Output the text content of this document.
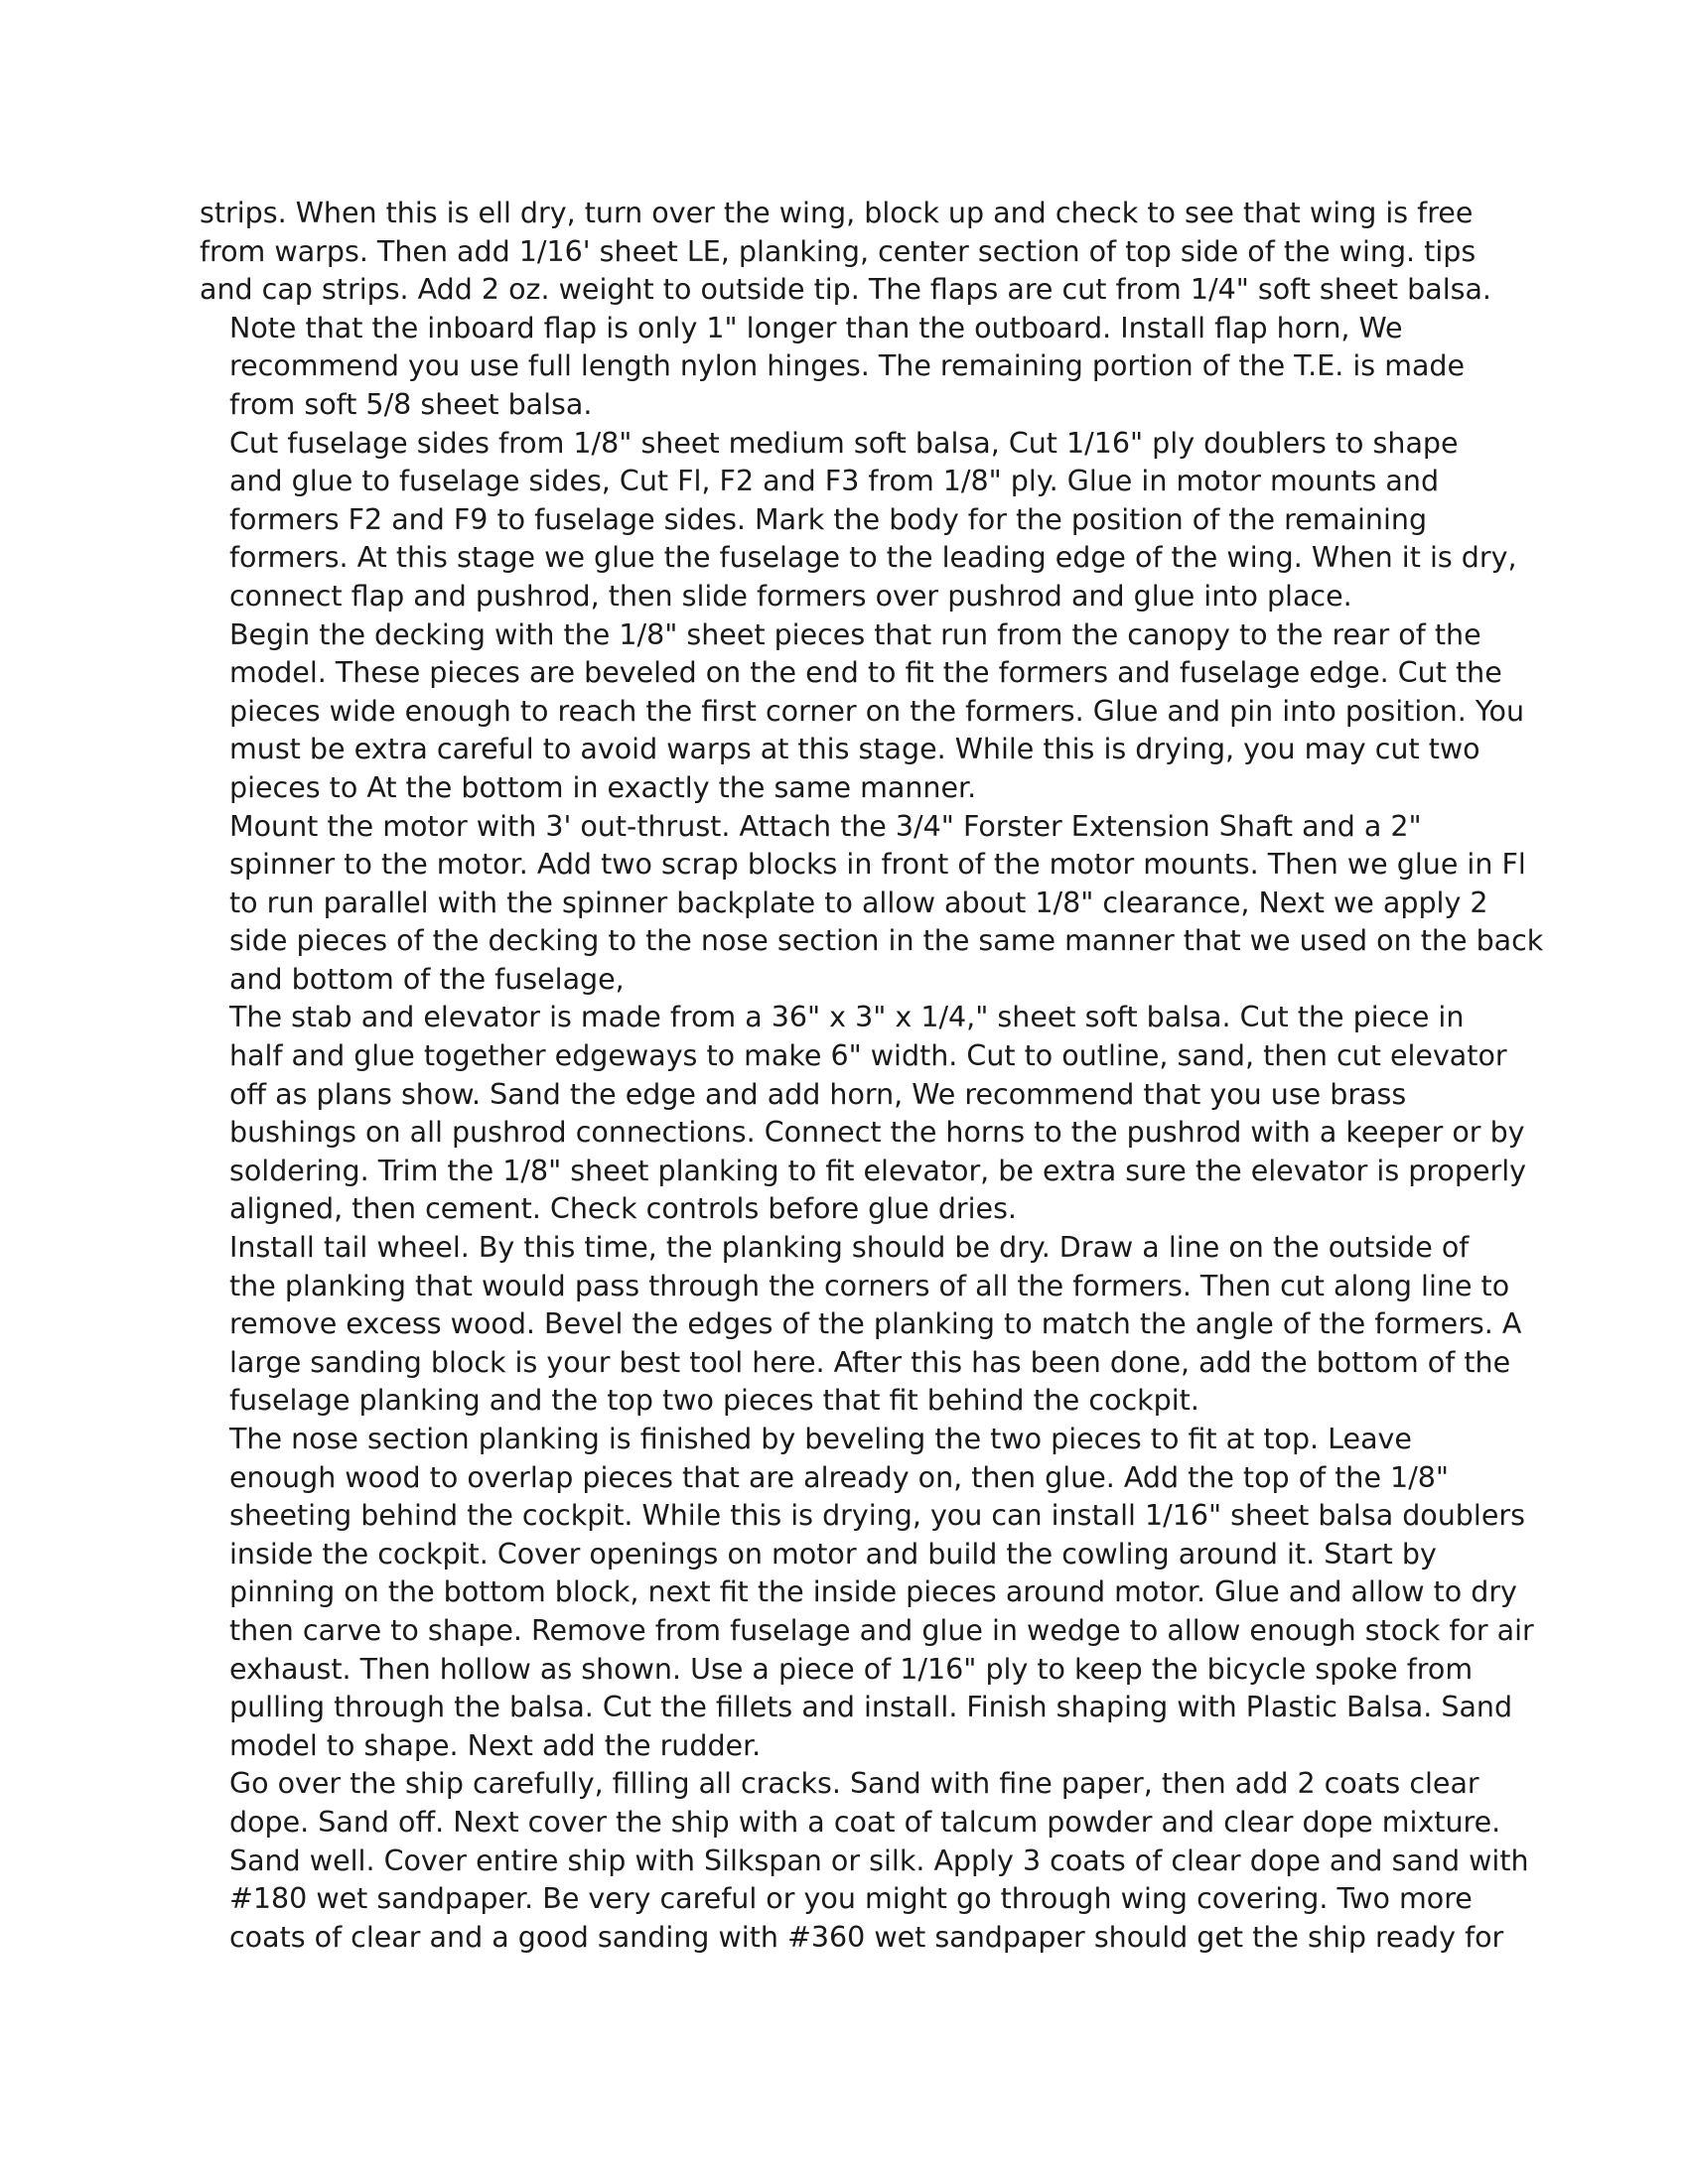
strips. When this is ell dry, turn over the wing, block up and check to see that wing is free
from warps. Then add 1/16' sheet LE, planking, center section of top side of the wing. tips
and cap strips. Add 2 oz. weight to outside tip. The flaps are cut from 1/4" soft sheet balsa.

Note that the inboard flap is only 1" longer than the outboard. Install flap horn, We
recommend you use full length nylon hinges. The remaining portion of the T.E. is made
from soft 5/8 sheet balsa.

Cut fuselage sides from 1/8" sheet medium soft balsa, Cut 1/16" ply doublers to shape
and glue to fuselage sides, Cut Fl, F2 and F3 from 1/8" ply. Glue in motor mounts and
formers F2 and F9 to fuselage sides. Mark the body for the position of the remaining
formers. At this stage we glue the fuselage to the leading edge of the wing. When it is dry,
connect flap and pushrod, then slide formers over pushrod and glue into place.

Begin the decking with the 1/8" sheet pieces that run from the canopy to the rear of the
model. These pieces are beveled on the end to fit the formers and fuselage edge. Cut the
pieces wide enough to reach the first corner on the formers. Glue and pin into position. You
must be extra careful to avoid warps at this stage. While this is drying, you may cut two
pieces to At the bottom in exactly the same manner.

Mount the motor with 3' out-thrust. Attach the 3/4" Forster Extension Shaft and a 2"
spinner to the motor. Add two scrap blocks in front of the motor mounts. Then we glue in Fl
to run parallel with the spinner backplate to allow about 1/8" clearance, Next we apply 2
side pieces of the decking to the nose section in the same manner that we used on the back
and bottom of the fuselage,

The stab and elevator is made from a 36" x 3" x 1/4," sheet soft balsa. Cut the piece in
half and glue together edgeways to make 6" width. Cut to outline, sand, then cut elevator
off as plans show. Sand the edge and add horn, We recommend that you use brass
bushings on all pushrod connections. Connect the horns to the pushrod with a keeper or by
soldering. Trim the 1/8" sheet planking to fit elevator, be extra sure the elevator is properly
aligned, then cement. Check controls before glue dries.

Install tail wheel. By this time, the planking should be dry. Draw a line on the outside of
the planking that would pass through the corners of all the formers. Then cut along line to
remove excess wood. Bevel the edges of the planking to match the angle of the formers. A
large sanding block is your best tool here. After this has been done, add the bottom of the
fuselage planking and the top two pieces that fit behind the cockpit.

The nose section planking is finished by beveling the two pieces to fit at top. Leave
enough wood to overlap pieces that are already on, then glue. Add the top of the 1/8"
sheeting behind the cockpit. While this is drying, you can install 1/16" sheet balsa doublers
inside the cockpit. Cover openings on motor and build the cowling around it. Start by
pinning on the bottom block, next fit the inside pieces around motor. Glue and allow to dry
then carve to shape. Remove from fuselage and glue in wedge to allow enough stock for air
exhaust. Then hollow as shown. Use a piece of 1/16" ply to keep the bicycle spoke from
pulling through the balsa. Cut the fillets and install. Finish shaping with Plastic Balsa. Sand
model to shape. Next add the rudder.

Go over the ship carefully, filling all cracks. Sand with fine paper, then add 2 coats clear
dope. Sand off. Next cover the ship with a coat of talcum powder and clear dope mixture.
Sand well. Cover entire ship with Silkspan or silk. Apply 3 coats of clear dope and sand with
#180 wet sandpaper. Be very careful or you might go through wing covering. Two more
coats of clear and a good sanding with #360 wet sandpaper should get the ship ready for
